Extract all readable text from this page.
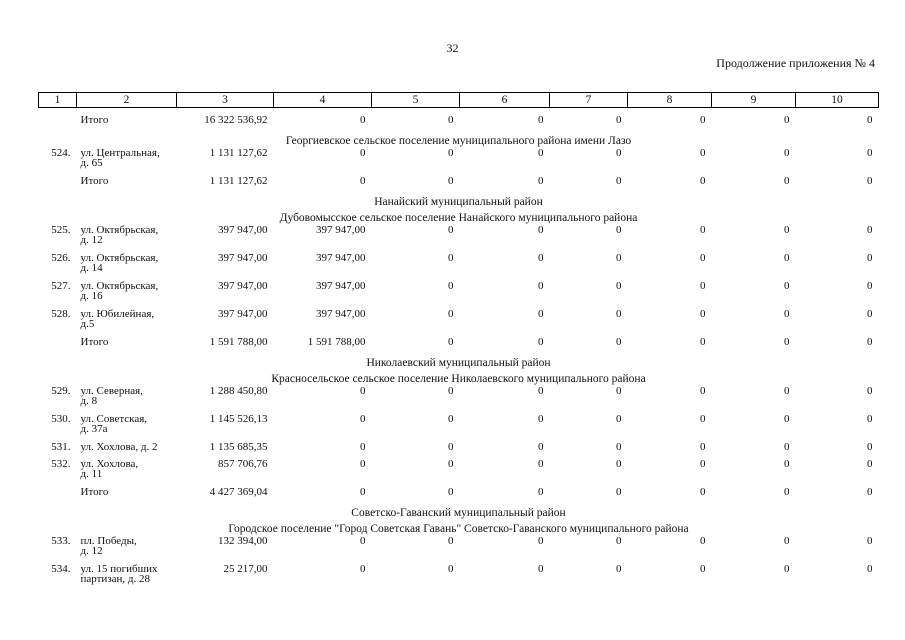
32
Продолжение приложения № 4
1	2	3	4	5	6	7	8	9	10

	Итого	16 322 536,92	0	0	0	0	0	0	0
Георгиевское сельское поселение муниципального района имени Лазо									
524.	ул. Центральная,
д. 65	1 131 127,62	0	0	0	0	0	0	0
	Итого	1 131 127,62	0	0	0	0	0	0	0
Нанайский муниципальный район									
Дубовомысское сельское поселение Нанайского муниципального района									
525.	ул. Октябрьская,
д. 12	397 947,00	397 947,00	0	0	0	0	0	0
526.	ул. Октябрьская,
д. 14	397 947,00	397 947,00	0	0	0	0	0	0
527.	ул. Октябрьская,
д. 16	397 947,00	397 947,00	0	0	0	0	0	0
528.	ул. Юбилейная,
д.5	397 947,00	397 947,00	0	0	0	0	0	0
	Итого	1 591 788,00	1 591 788,00	0	0	0	0	0	0
Николаевский муниципальный район									
Красносельское сельское поселение Николаевского муниципального района									
529.	ул. Северная,
д. 8	1 288 450,80	0	0	0	0	0	0	0
530.	ул. Советская,
д. 37а	1 145 526,13	0	0	0	0	0	0	0
531.	ул. Хохлова, д. 2	1 135 685,35	0	0	0	0	0	0	0
532.	ул. Хохлова,
д. 11	857 706,76	0	0	0	0	0	0	0
	Итого	4 427 369,04	0	0	0	0	0	0	0
Советско-Гаванский муниципальный район									
Городское поселение "Город Советская Гавань" Советско-Гаванского муниципального района									
533.	пл. Победы,
д. 12	132 394,00	0	0	0	0	0	0	0
534.	ул. 15 погибших
партизан, д. 28	25 217,00	0	0	0	0	0	0	0
